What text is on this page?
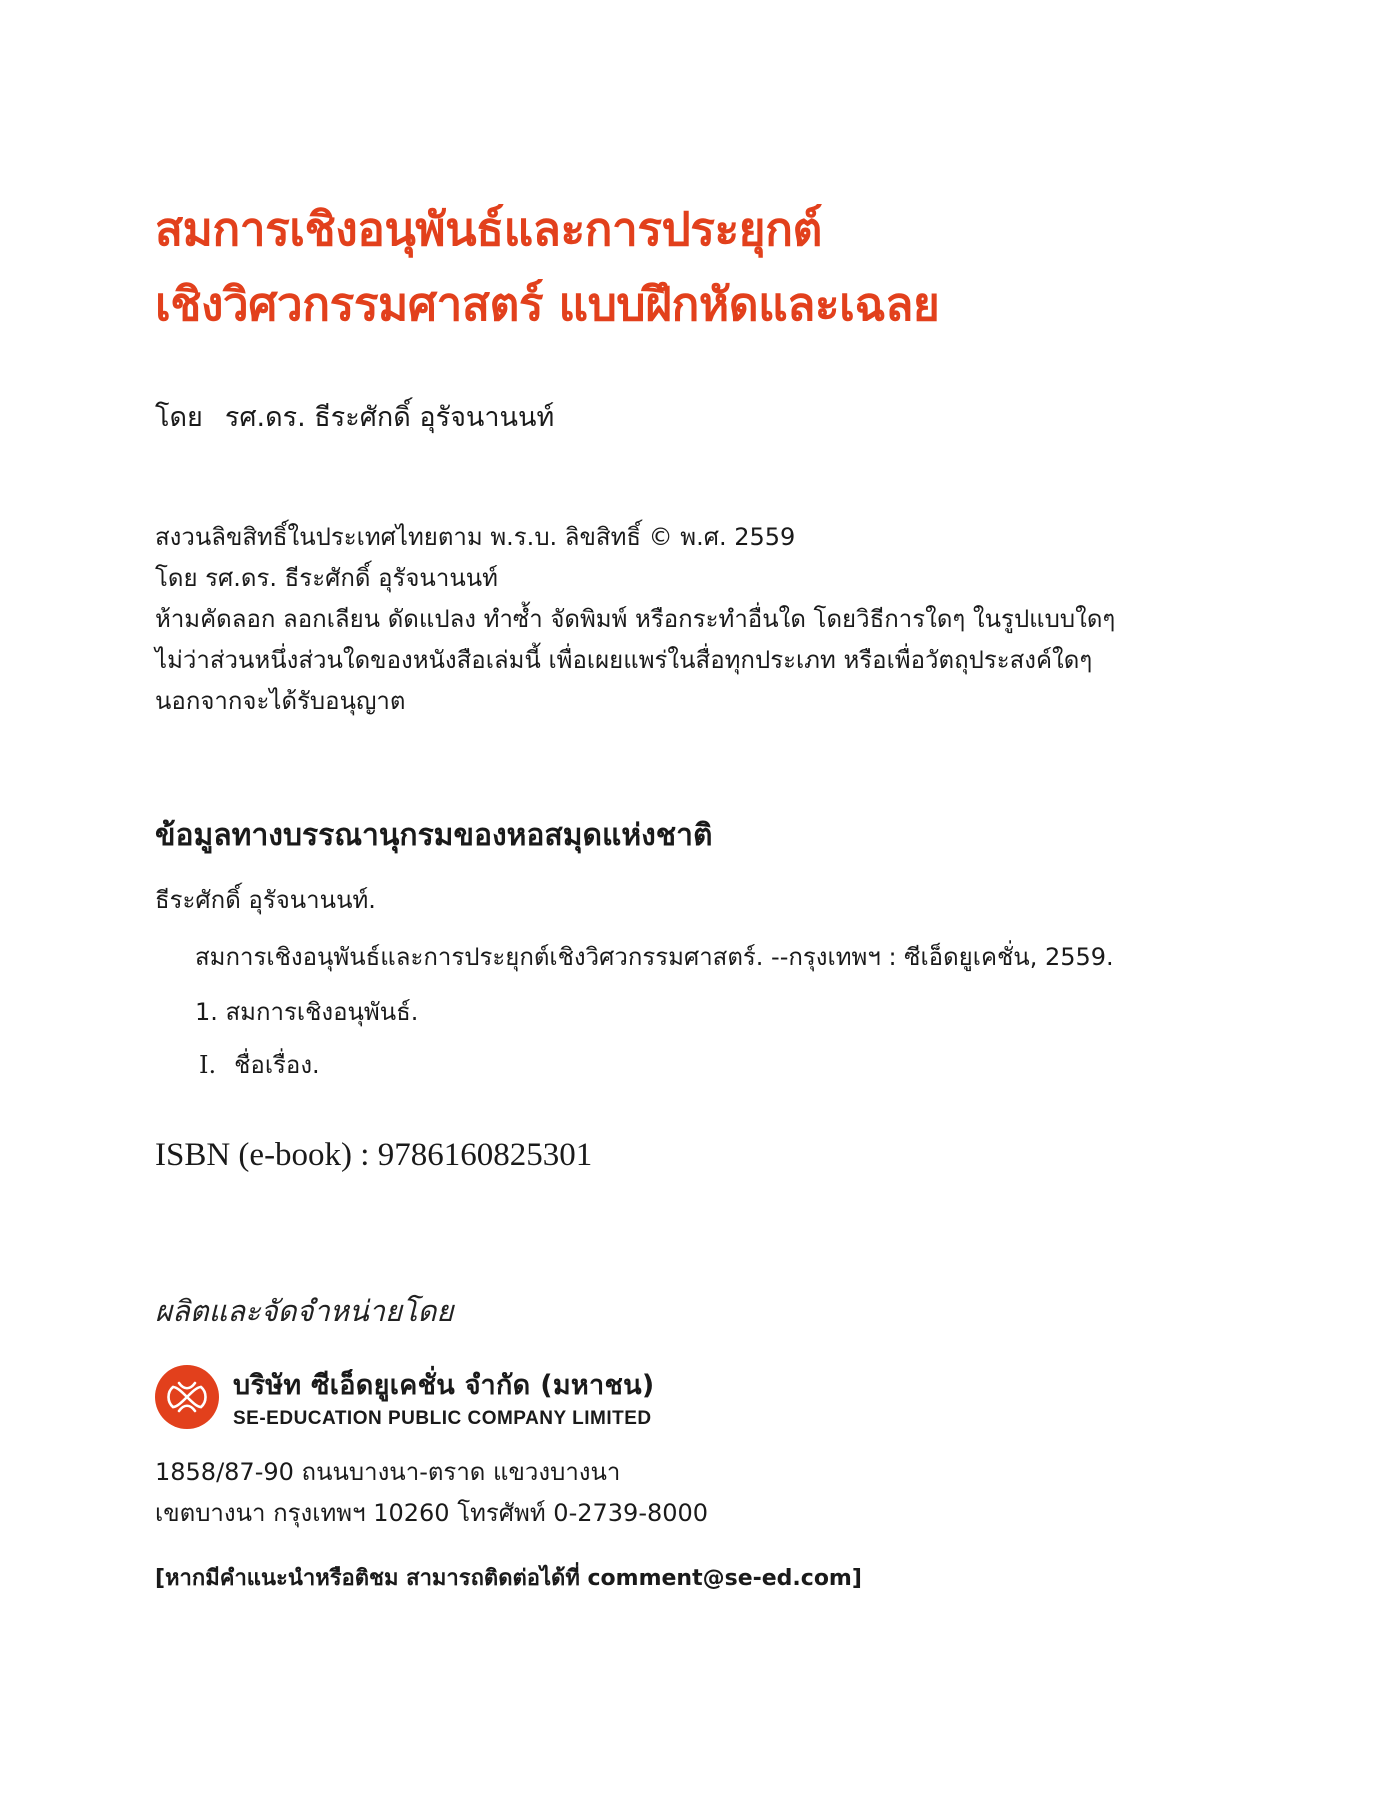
สมการเชิงอนุพันธ์และการประยุกต์
เชิงวิศวกรรมศาสตร์ แบบฝึกหัดและเฉลย
โดย รศ.ดร. ธีระศักดิ์ อุรัจนานนท์
สงวนลิขสิทธิ์ในประเทศไทยตาม พ.ร.บ. ลิขสิทธิ์ © พ.ศ. 2559
โดย รศ.ดร. ธีระศักดิ์ อุรัจนานนท์
ห้ามคัดลอก ลอกเลียน ดัดแปลง ทำซ้ำ จัดพิมพ์ หรือกระทำอื่นใด โดยวิธีการใดๆ ในรูปแบบใดๆ
ไม่ว่าส่วนหนึ่งส่วนใดของหนังสือเล่มนี้ เพื่อเผยแพร่ในสื่อทุกประเภท หรือเพื่อวัตถุประสงค์ใดๆ
นอกจากจะได้รับอนุญาต
ข้อมูลทางบรรณานุกรมของหอสมุดแห่งชาติ
ธีระศักดิ์ อุรัจนานนท์.
สมการเชิงอนุพันธ์และการประยุกต์เชิงวิศวกรรมศาสตร์. --กรุงเทพฯ : ซีเอ็ดยูเคชั่น, 2559.
1. สมการเชิงอนุพันธ์.
I. ชื่อเรื่อง.
ISBN (e-book) : 9786160825301
ผลิตและจัดจำหน่ายโดย
บริษัท ซีเอ็ดยูเคชั่น จำกัด (มหาชน)
SE-EDUCATION PUBLIC COMPANY LIMITED
1858/87-90 ถนนบางนา-ตราด แขวงบางนา
เขตบางนา กรุงเทพฯ 10260 โทรศัพท์ 0-2739-8000
[หากมีคำแนะนำหรือติชม สามารถติดต่อได้ที่ comment@se-ed.com]
